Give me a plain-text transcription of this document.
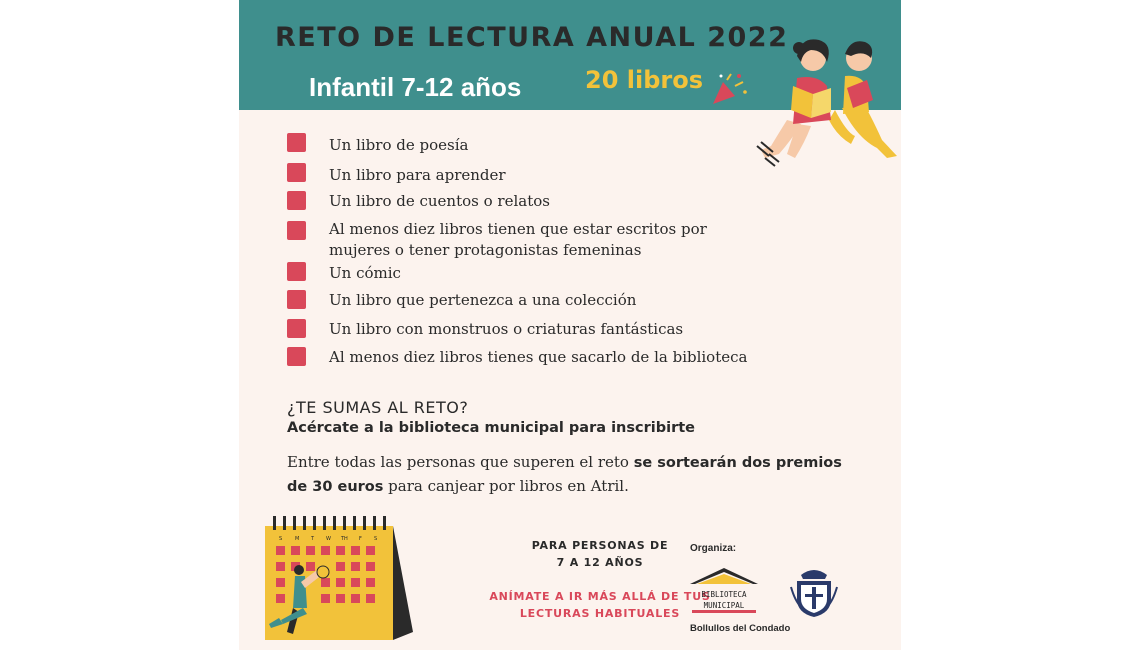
RETO DE LECTURA ANUAL 2022
Infantil 7-12 años	20 libros
Un libro de poesía
Un libro para aprender
Un libro de cuentos o relatos
Al menos diez libros tienen que estar escritos por mujeres o tener protagonistas femeninas
Un cómic
Un libro que pertenezca a una colección
Un libro con monstruos o criaturas fantásticas
Al menos diez libros tienes que sacarlo de la biblioteca
¿TE SUMAS AL RETO?
Acércate a la biblioteca municipal para inscribirte
Entre todas las personas que superen el reto se sortearán dos premios de 30 euros para canjear por libros en Atril.
S	M T W TH F S	PARA PERSONAS DE
7 A 12 AÑOS
ANÍMATE A IR MÁS ALLÁ DE TUS
LECTURAS HABITUALES
Organiza:
BIBLIOTECA
MUNICIPAL
Bollullos del Condado
